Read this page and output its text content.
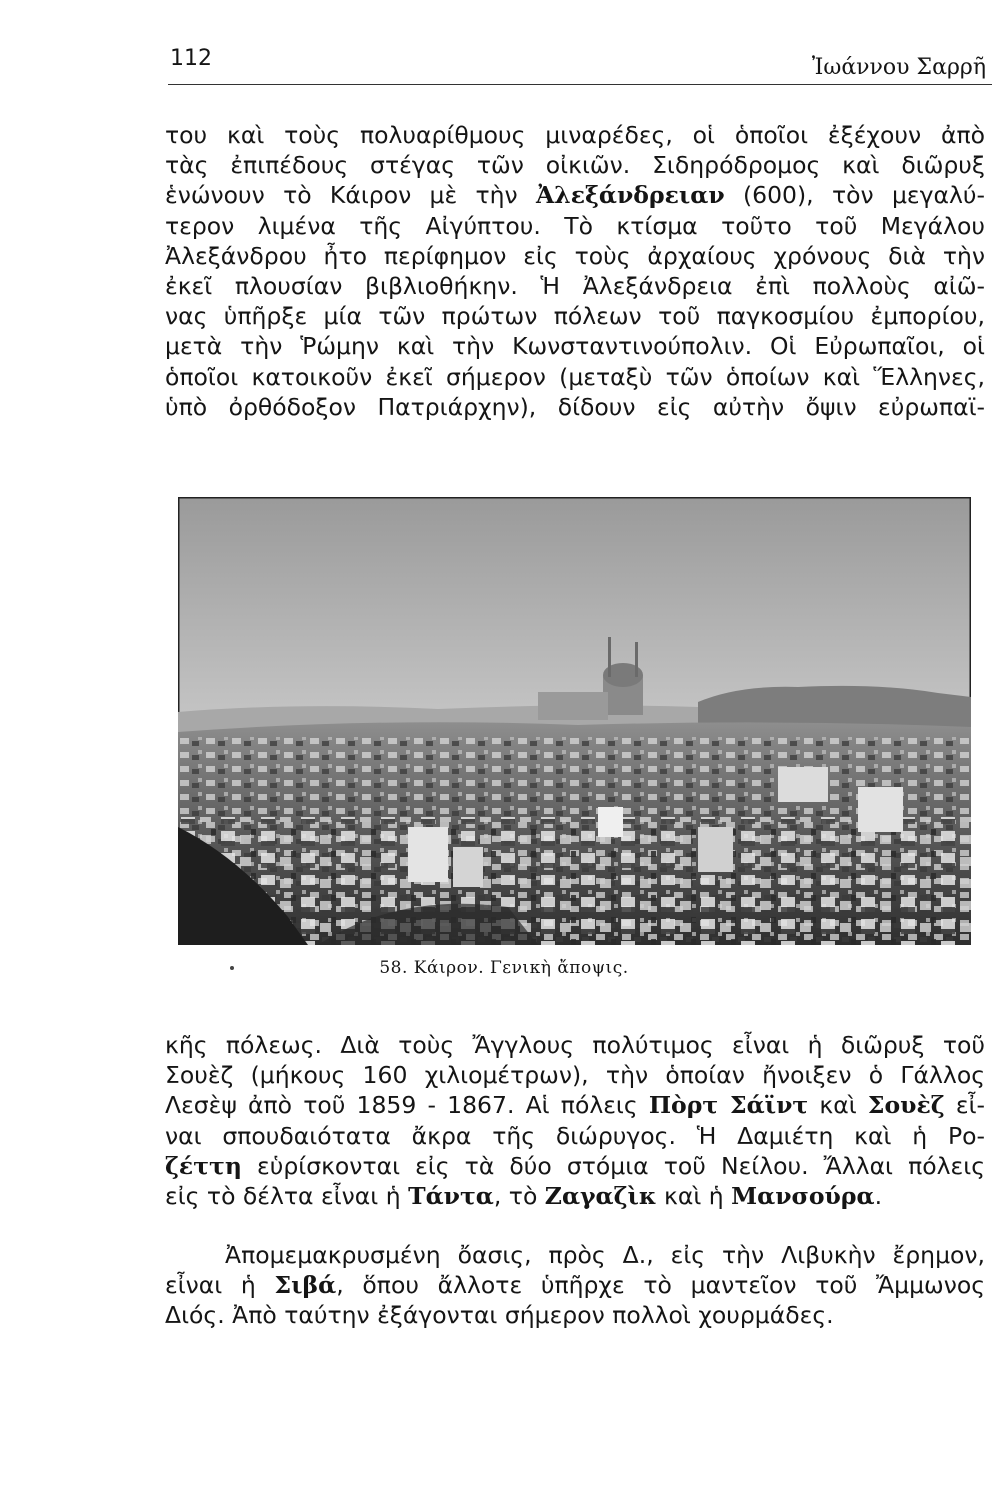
112	Ἰωάννου Σαρρῆ
του καὶ τοὺς πολυαρίθμους μιναρέδες, οἱ ὁποῖοι ἐξέχουν ἀπὸ
τὰς ἐπιπέδους στέγας τῶν οἰκιῶν. Σιδηρόδρομος καὶ διῶρυξ
ἑνώνουν τὸ Κάιρον μὲ τὴν Ἀλεξάνδρειαν (600), τὸν μεγαλύ-
τερον λιμένα τῆς Αἰγύπτου. Τὸ κτίσμα τοῦτο τοῦ Μεγάλου
Ἀλεξάνδρου ἦτο περίφημον εἰς τοὺς ἀρχαίους χρόνους διὰ τὴν
ἐκεῖ πλουσίαν βιβλιοθήκην. Ἡ Ἀλεξάνδρεια ἐπὶ πολλοὺς αἰῶ-
νας ὑπῆρξε μία τῶν πρώτων πόλεων τοῦ παγκοσμίου ἐμπορίου,
μετὰ τὴν Ῥώμην καὶ τὴν Κωνσταντινούπολιν. Οἱ Εὐρωπαῖοι, οἱ
ὁποῖοι κατοικοῦν ἐκεῖ σήμερον (μεταξὺ τῶν ὁποίων καὶ Ἕλληνες,
ὑπὸ ὀρθόδοξον Πατριάρχην), δίδουν εἰς αὐτὴν ὄψιν εὐρωπαϊ-
58. Κάιρον. Γενικὴ ἄποψις.
κῆς πόλεως. Διὰ τοὺς Ἄγγλους πολύτιμος εἶναι ἡ διῶρυξ τοῦ
Σουὲζ (μήκους 160 χιλιομέτρων), τὴν ὁποίαν ἤνοιξεν ὁ Γάλλος
Λεσὲψ ἀπὸ τοῦ 1859 - 1867. Αἱ πόλεις Πὸρτ Σάϊντ καὶ Σουὲζ εἶ-
ναι σπουδαιότατα ἄκρα τῆς διώρυγος. Ἡ Δαμιέτη καὶ ἡ Ρο-
ζέττη εὑρίσκονται εἰς τὰ δύο στόμια τοῦ Νείλου. Ἄλλαι πόλεις
εἰς τὸ δέλτα εἶναι ἡ Τάντα, τὸ Ζαγαζὶκ καὶ ἡ Μανσούρα.
Ἀπομεμακρυσμένη ὄασις, πρὸς Δ., εἰς τὴν Λιβυκὴν ἔρημον,
εἶναι ἡ Σιβά, ὅπου ἄλλοτε ὑπῆρχε τὸ μαντεῖον τοῦ Ἄμμωνος
Διός. Ἀπὸ ταύτην ἐξάγονται σήμερον πολλοὶ χουρμάδες.
